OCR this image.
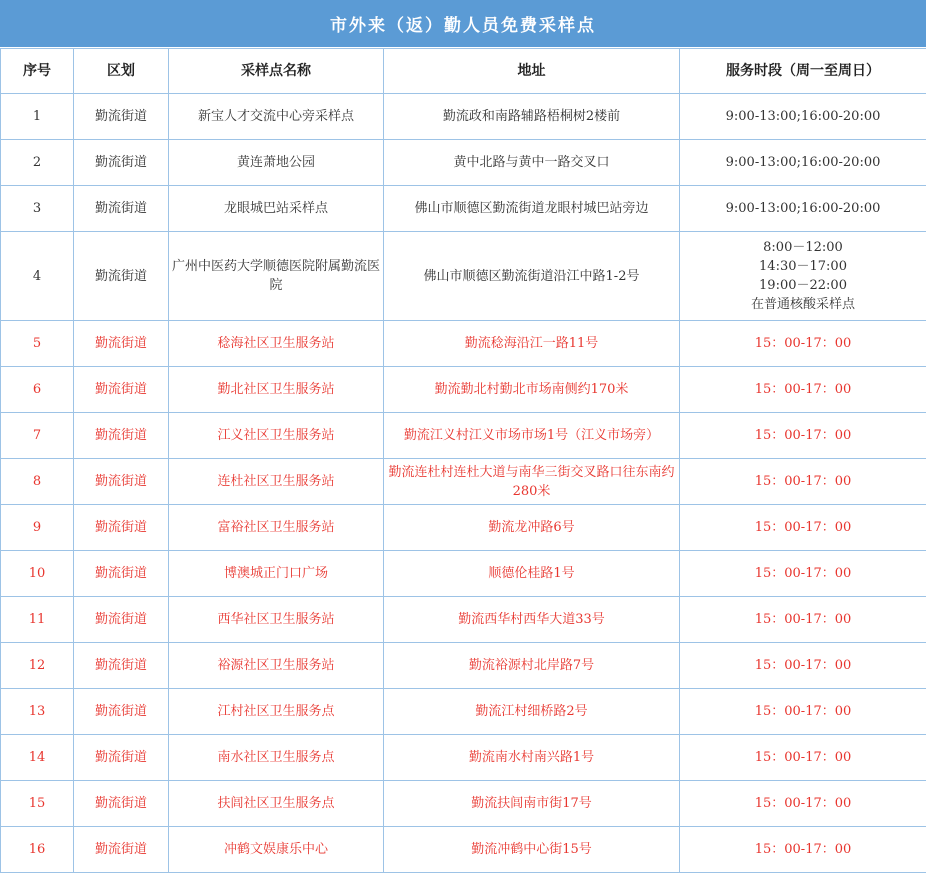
市外来（返）勤人员免费采样点
序号	区划	采样点名称	地址	服务时段（周一至周日）
1	勤流街道	新宝人才交流中心旁采样点	勤流政和南路辅路梧桐树2楼前	9:00-13:00;16:00-20:00
2	勤流街道	黄连萧地公园	黄中北路与黄中一路交叉口	9:00-13:00;16:00-20:00
3	勤流街道	龙眼城巴站采样点	佛山市顺德区勤流街道龙眼村城巴站旁边	9:00-13:00;16:00-20:00
4	勤流街道	广州中医药大学顺德医院附属勤流医院	佛山市顺德区勤流街道沿江中路1-2号	8:00－12:00
14:30－17:00
19:00－22:00
在普通核酸采样点

5	勤流街道	稔海社区卫生服务站	勤流稔海沿江一路11号	15：00-17：00
6	勤流街道	勤北社区卫生服务站	勤流勤北村勤北市场南侧约170米	15：00-17：00
7	勤流街道	江义社区卫生服务站	勤流江义村江义市场市场1号（江义市场旁）	15：00-17：00
8	勤流街道	连杜社区卫生服务站	勤流连杜村连杜大道与南华三街交叉路口往东南约280米	15：00-17：00
9	勤流街道	富裕社区卫生服务站	勤流龙冲路6号	15：00-17：00
10	勤流街道	博澳城正门口广场	顺德伦桂路1号	15：00-17：00
11	勤流街道	西华社区卫生服务站	勤流西华村西华大道33号	15：00-17：00
12	勤流街道	裕源社区卫生服务站	勤流裕源村北岸路7号	15：00-17：00
13	勤流街道	江村社区卫生服务点	勤流江村细桥路2号	15：00-17：00
14	勤流街道	南水社区卫生服务点	勤流南水村南兴路1号	15：00-17：00
15	勤流街道	扶闾社区卫生服务点	勤流扶闾南市街17号	15：00-17：00
16	勤流街道	冲鹤文娱康乐中心	勤流冲鹤中心街15号	15：00-17：00
